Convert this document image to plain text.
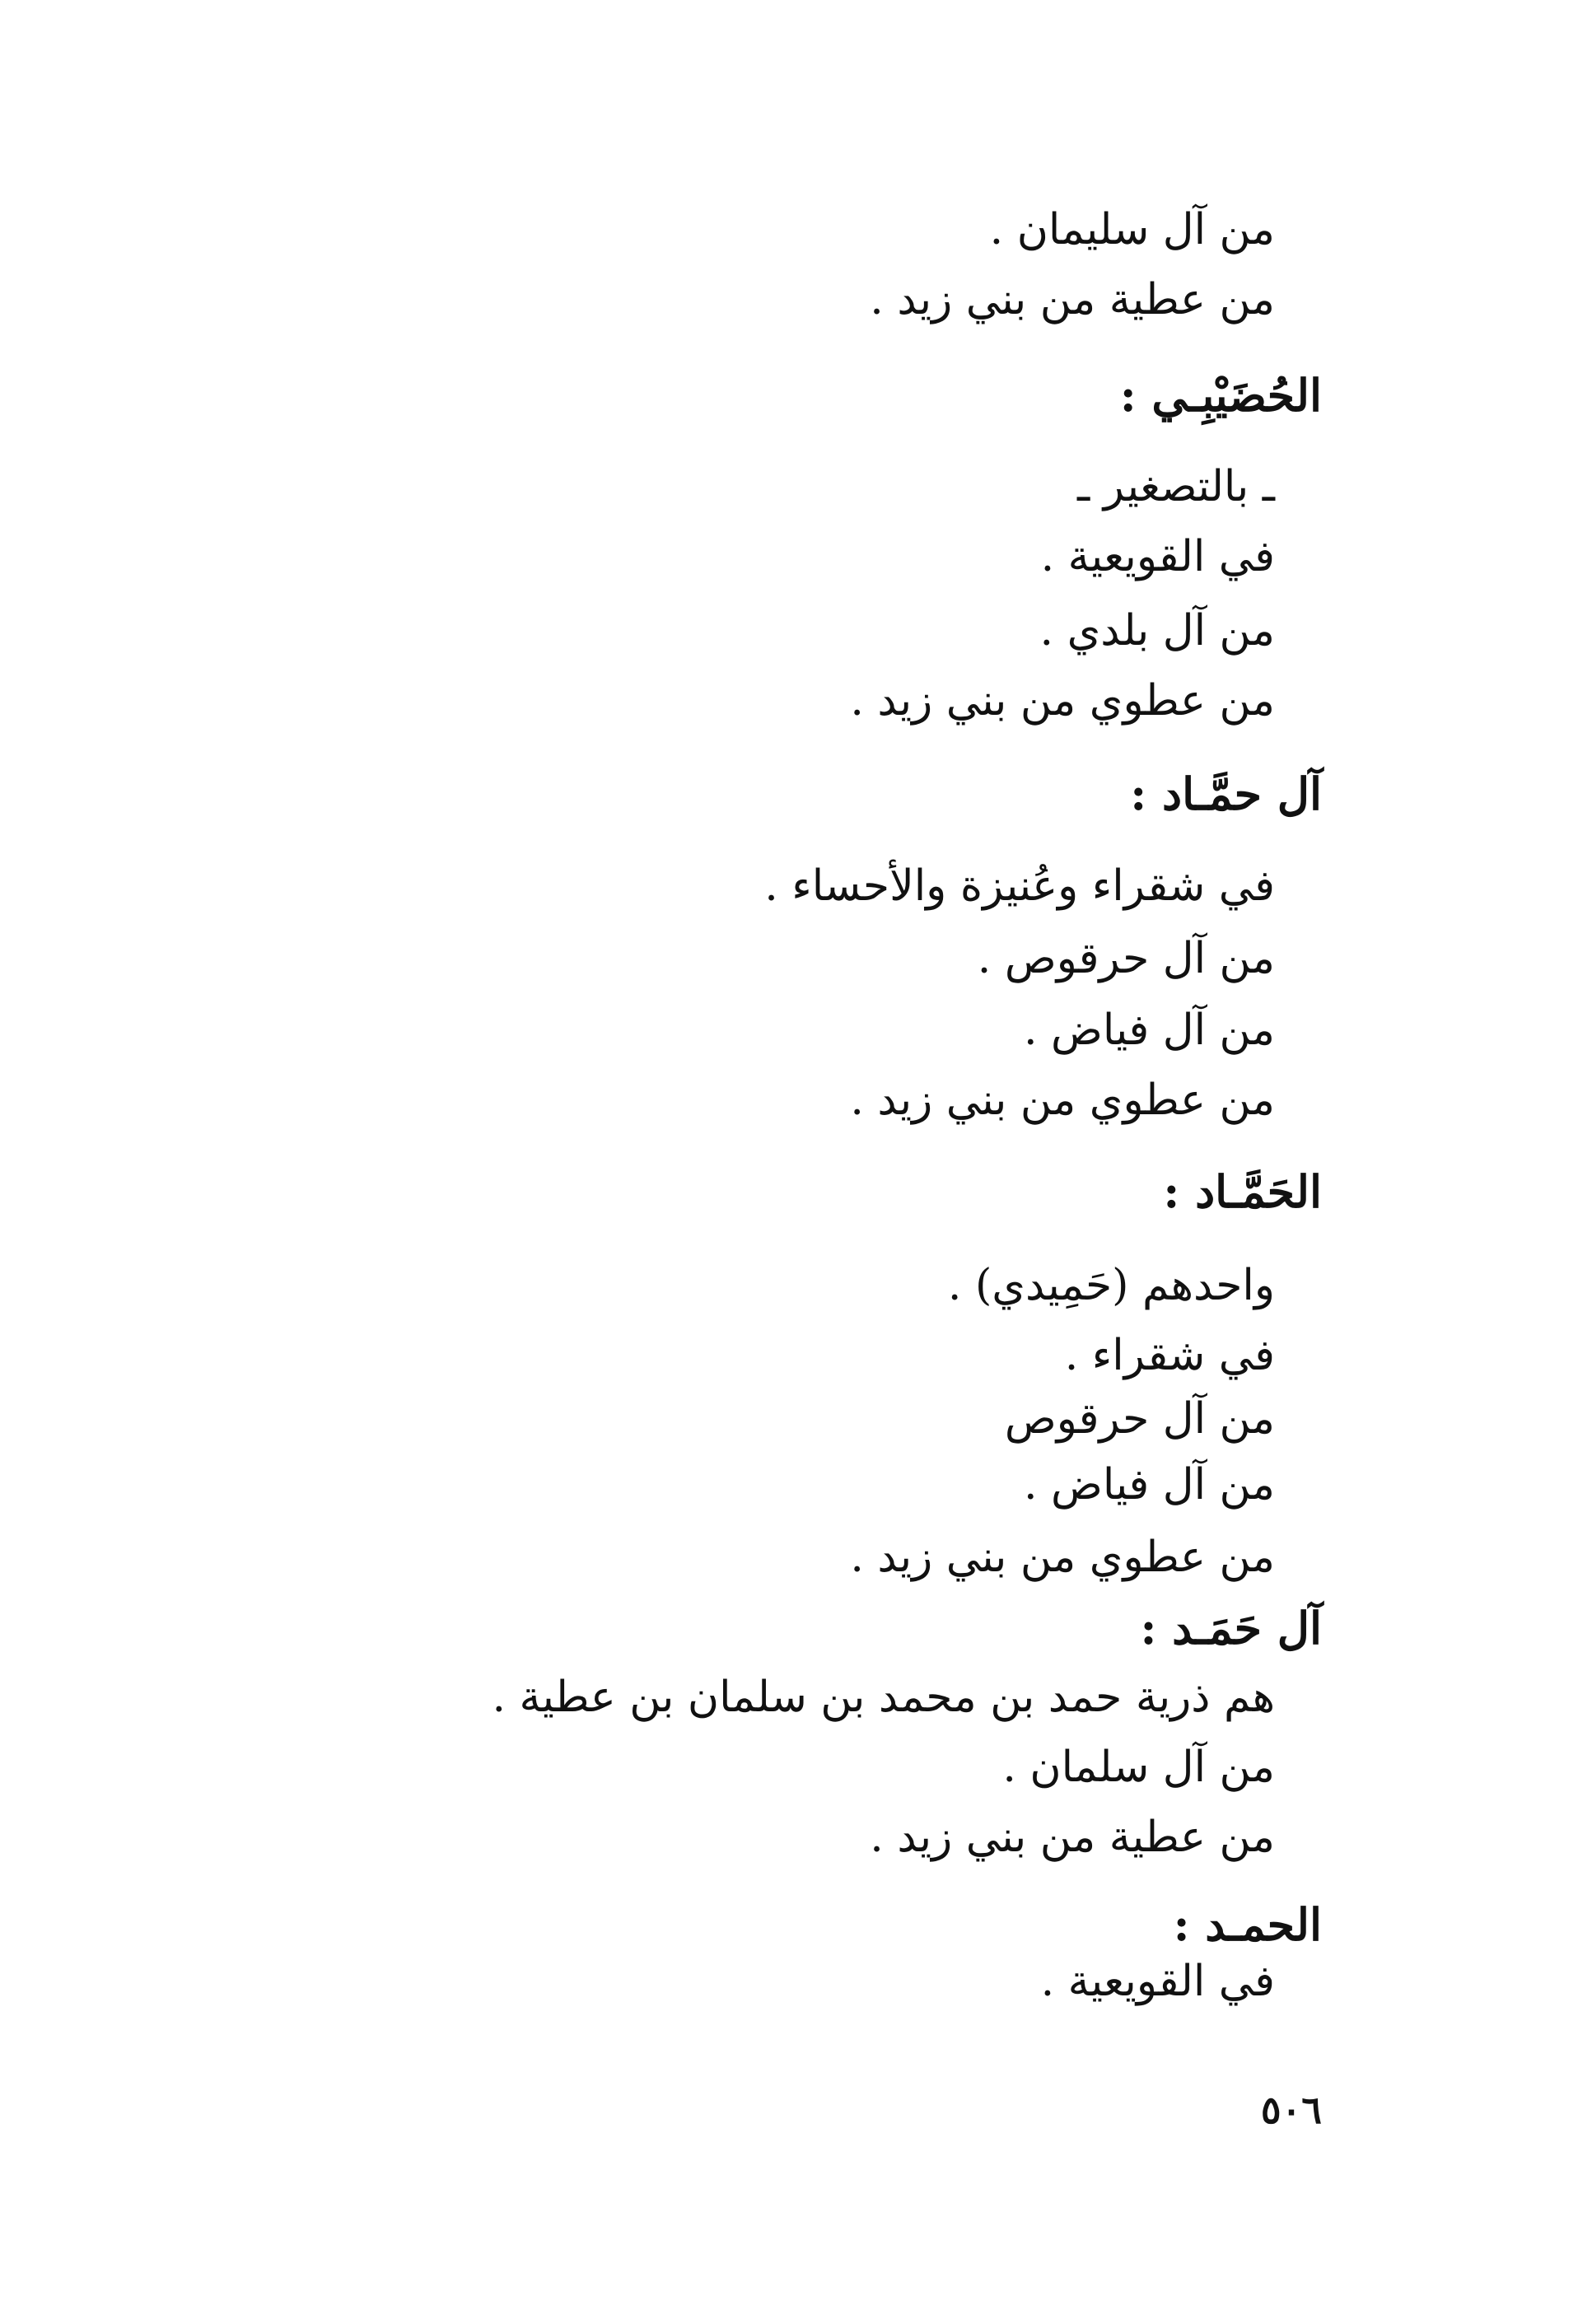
من آل سليمان .

من عطية من بني زيد .

الحُضَيْبِـي :

ـ بالتصغير ـ

في القويعية .

من آل بلدي .

من عطوي من بني زيد .

آل حمَّـاد :

في شقراء وعُنيزة والأحساء .

من آل حرقوص .

من آل فياض .

من عطوي من بني زيد .

الحَمَّـاد :

واحدهم (حَمِيدي) .

في شقراء .

من آل حرقوص

من آل فياض .

من عطوي من بني زيد .

آل حَمَـد :

هم ذرية حمد بن محمد بن سلمان بن عطية .

من آل سلمان .

من عطية من بني زيد .

الحمـد :

في القويعية .

٥٠٦
